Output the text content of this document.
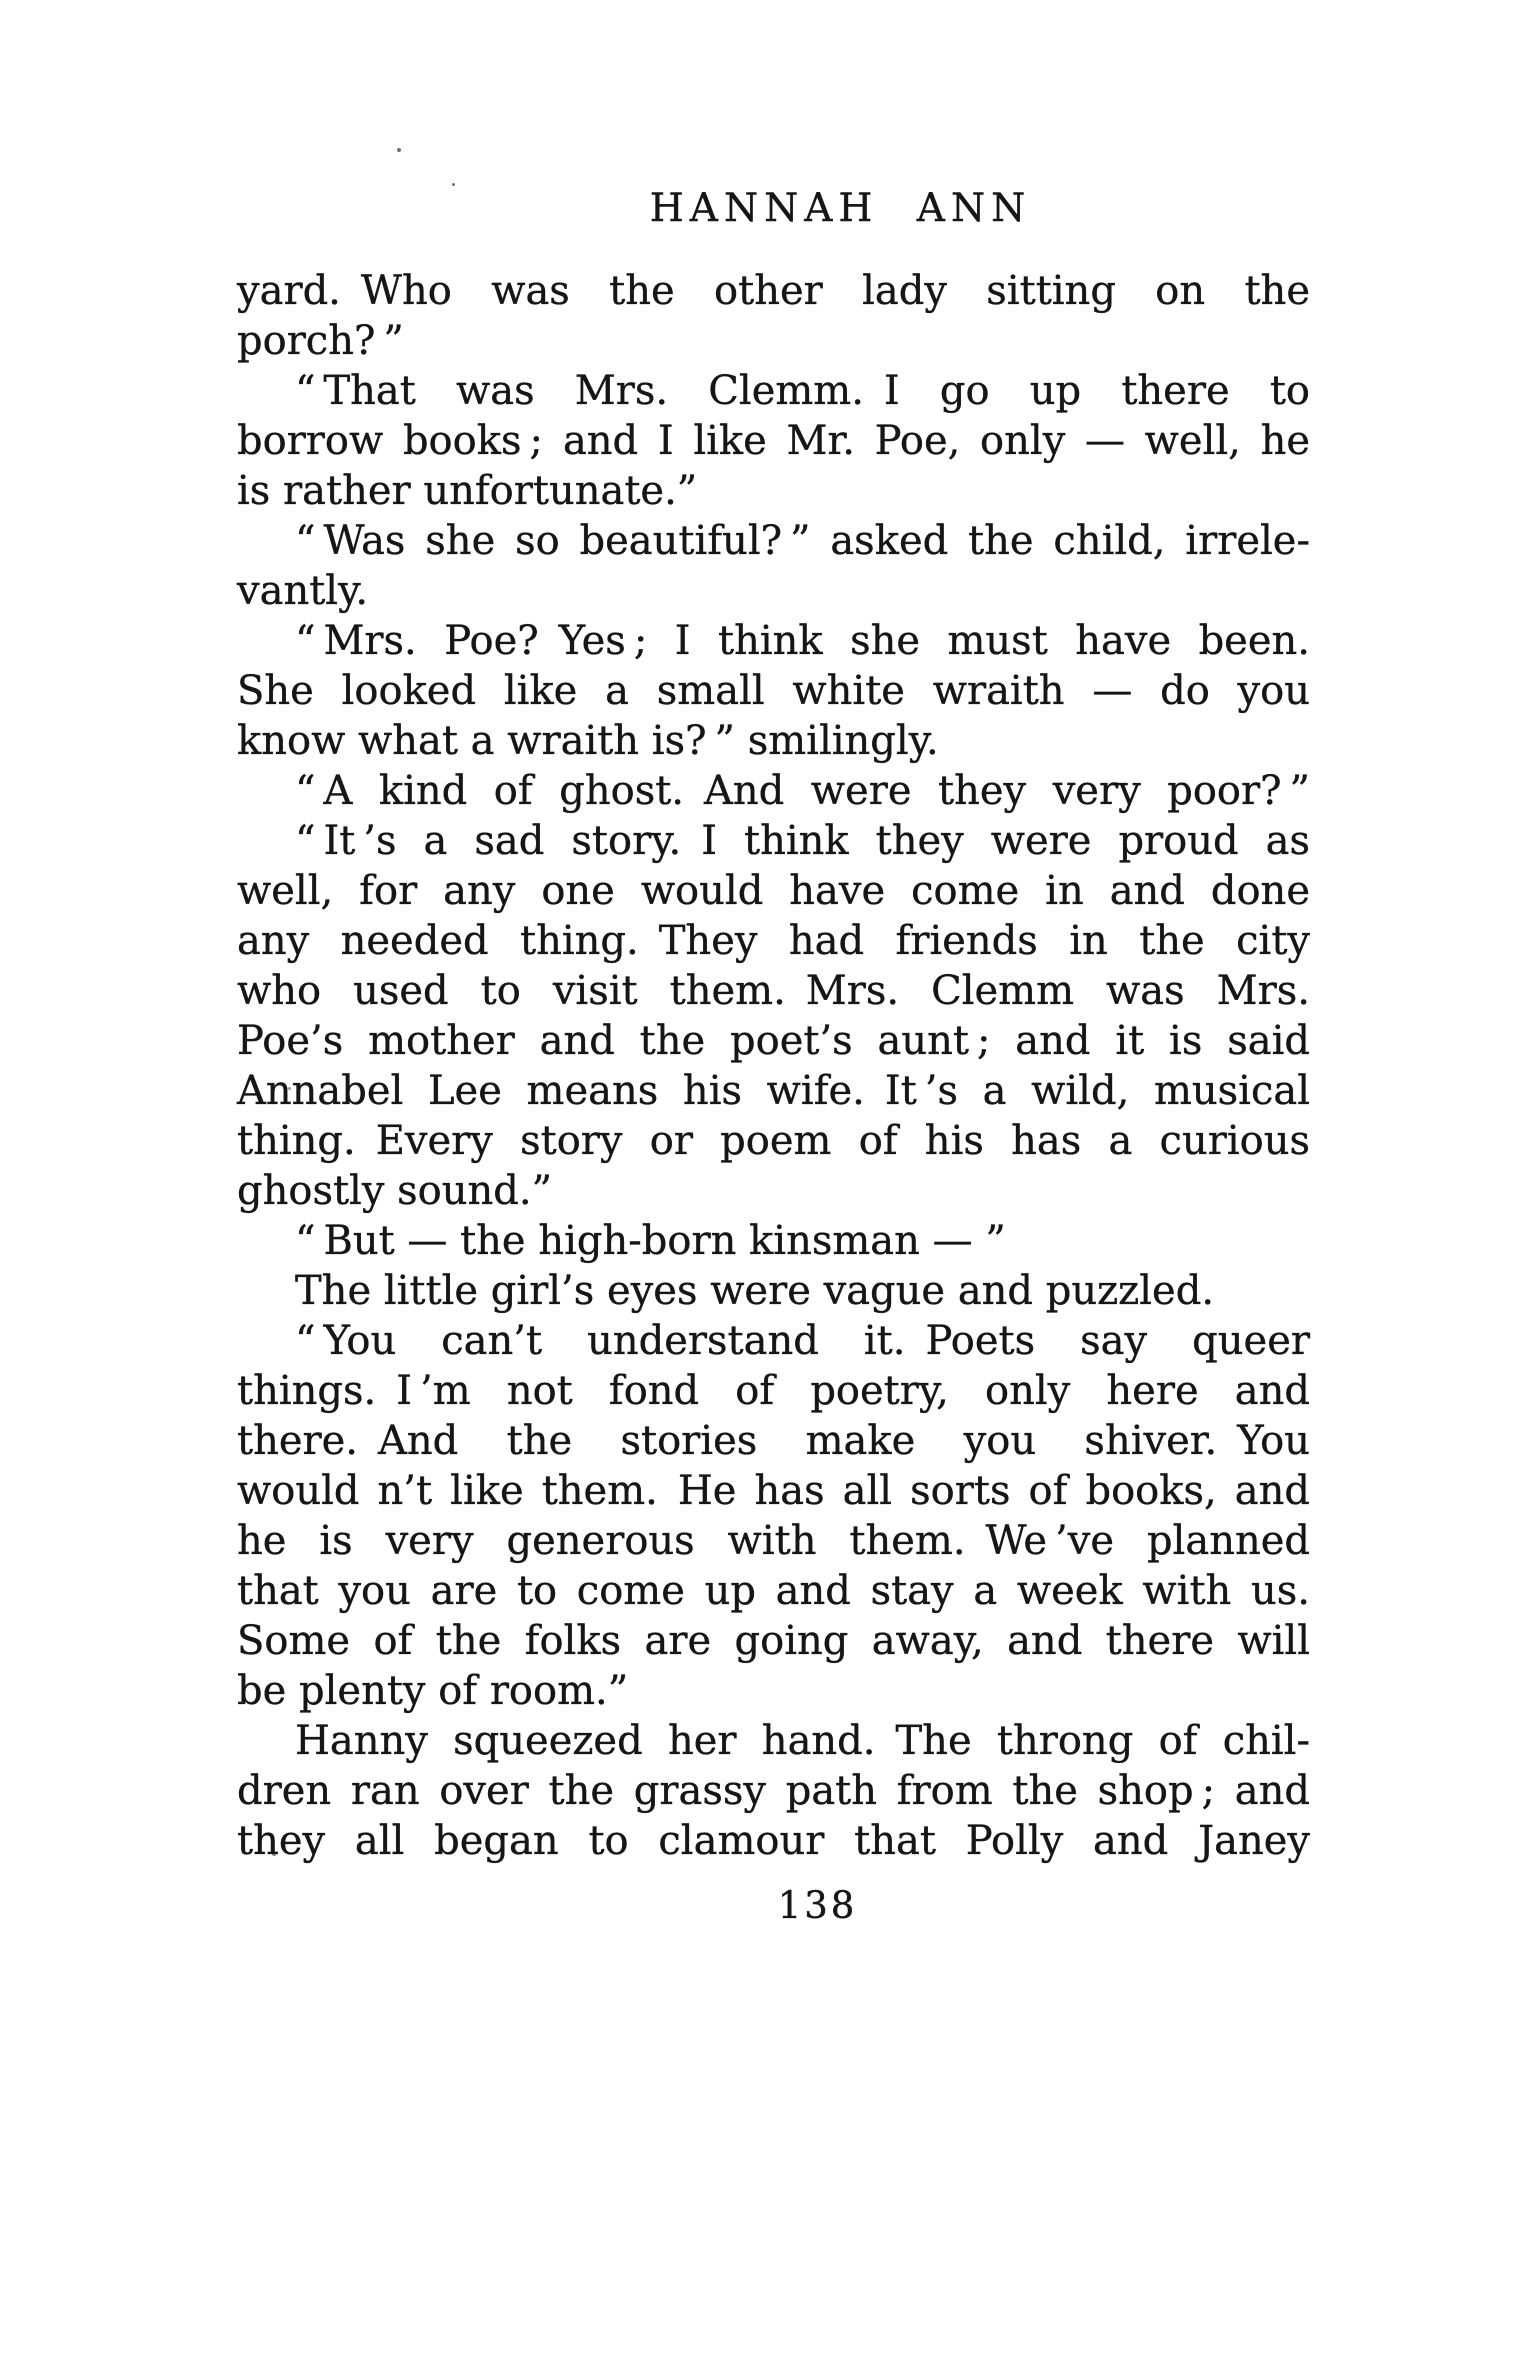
HANNAH ANN
yard. Who was the other lady sitting on the
porch? ”
“ That was Mrs. Clemm. I go up there to
borrow books ; and I like Mr. Poe, only — well, he
is rather unfortunate.”
“ Was she so beautiful? ” asked the child, irrele-
vantly.
“ Mrs. Poe? Yes ; I think she must have been.
She looked like a small white wraith — do you
know what a wraith is? ” smilingly.
“ A kind of ghost. And were they very poor? ”
“ It ’s a sad story. I think they were proud as
well, for any one would have come in and done
any needed thing. They had friends in the city
who used to visit them. Mrs. Clemm was Mrs.
Poe’s mother and the poet’s aunt ; and it is said
Annabel Lee means his wife. It ’s a wild, musical
thing. Every story or poem of his has a curious
ghostly sound.”
“ But — the high-born kinsman — ”
The little girl’s eyes were vague and puzzled.
“ You can’t understand it. Poets say queer
things. I ’m not fond of poetry, only here and
there. And the stories make you shiver. You
would n’t like them. He has all sorts of books, and
he is very generous with them. We ’ve planned
that you are to come up and stay a week with us.
Some of the folks are going away, and there will
be plenty of room.”
Hanny squeezed her hand. The throng of chil-
dren ran over the grassy path from the shop ; and
they all began to clamour that Polly and Janey
138
